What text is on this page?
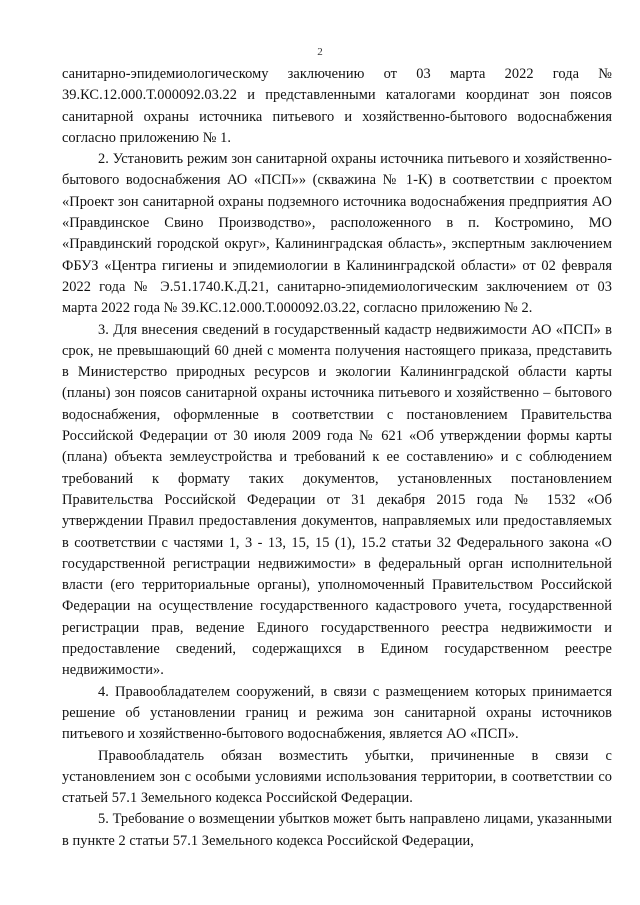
2

санитарно-эпидемиологическому заключению от 03 марта 2022 года № 39.КС.12.000.Т.000092.03.22 и представленными каталогами координат зон поясов санитарной охраны источника питьевого и хозяйственно-бытового водоснабжения согласно приложению № 1.

2. Установить режим зон санитарной охраны источника питьевого и хозяйственно-бытового водоснабжения АО «ПСП»» (скважина № 1-К) в соответствии с проектом «Проект зон санитарной охраны подземного источника водоснабжения предприятия АО «Правдинское Свино Производство», расположенного в п. Костромино, МО «Правдинский городской округ», Калининградская область», экспертным заключением ФБУЗ «Центра гигиены и эпидемиологии в Калининградской области» от 02 февраля 2022 года № Э.51.1740.К.Д.21, санитарно-эпидемиологическим заключением от 03 марта 2022 года № 39.КС.12.000.Т.000092.03.22, согласно приложению № 2.

3. Для внесения сведений в государственный кадастр недвижимости АО «ПСП» в срок, не превышающий 60 дней с момента получения настоящего приказа, представить в Министерство природных ресурсов и экологии Калининградской области карты (планы) зон поясов санитарной охраны источника питьевого и хозяйственно – бытового водоснабжения, оформленные в соответствии с постановлением Правительства Российской Федерации от 30 июля 2009 года № 621 «Об утверждении формы карты (плана) объекта землеустройства и требований к ее составлению» и с соблюдением требований к формату таких документов, установленных постановлением Правительства Российской Федерации от 31 декабря 2015 года № 1532 «Об утверждении Правил предоставления документов, направляемых или предоставляемых в соответствии с частями 1, 3 - 13, 15, 15 (1), 15.2 статьи 32 Федерального закона «О государственной регистрации недвижимости» в федеральный орган исполнительной власти (его территориальные органы), уполномоченный Правительством Российской Федерации на осуществление государственного кадастрового учета, государственной регистрации прав, ведение Единого государственного реестра недвижимости и предоставление сведений, содержащихся в Едином государственном реестре недвижимости».

4. Правообладателем сооружений, в связи с размещением которых принимается решение об установлении границ и режима зон санитарной охраны источников питьевого и хозяйственно-бытового водоснабжения, является АО «ПСП».

Правообладатель обязан возместить убытки, причиненные в связи с установлением зон с особыми условиями использования территории, в соответствии со статьей 57.1 Земельного кодекса Российской Федерации.

5. Требование о возмещении убытков может быть направлено лицами, указанными в пункте 2 статьи 57.1 Земельного кодекса Российской Федерации,
